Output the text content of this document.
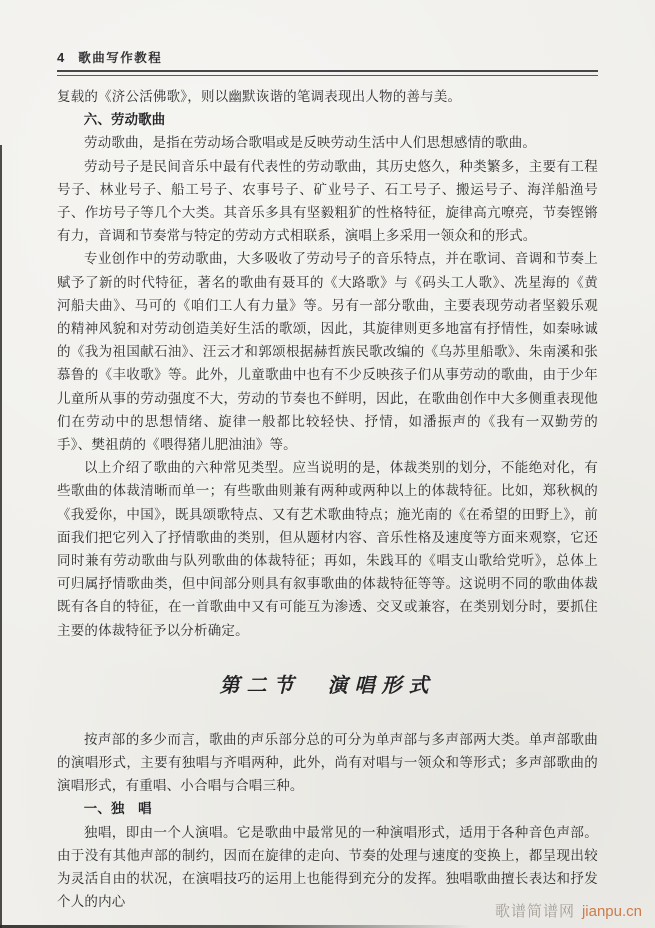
4 歌曲写作教程

复载的《济公活佛歌》，则以幽默诙谐的笔调表现出人物的善与美。

六、劳动歌曲

劳动歌曲，是指在劳动场合歌唱或是反映劳动生活中人们思想感情的歌曲。

劳动号子是民间音乐中最有代表性的劳动歌曲，其历史悠久，种类繁多，主要有工程号子、林业号子、船工号子、农事号子、矿业号子、石工号子、搬运号子、海洋船渔号子、作坊号子等几个大类。其音乐多具有坚毅粗犷的性格特征，旋律高亢嘹亮，节奏铿锵有力，音调和节奏常与特定的劳动方式相联系，演唱上多采用一领众和的形式。

专业创作中的劳动歌曲，大多吸收了劳动号子的音乐特点，并在歌词、音调和节奏上赋予了新的时代特征，著名的歌曲有聂耳的《大路歌》与《码头工人歌》、冼星海的《黄河船夫曲》、马可的《咱们工人有力量》等。另有一部分歌曲，主要表现劳动者坚毅乐观的精神风貌和对劳动创造美好生活的歌颂，因此，其旋律则更多地富有抒情性，如秦咏诚的《我为祖国献石油》、汪云才和郭颂根据赫哲族民歌改编的《乌苏里船歌》、朱南溪和张慕鲁的《丰收歌》等。此外，儿童歌曲中也有不少反映孩子们从事劳动的歌曲，由于少年儿童所从事的劳动强度不大，劳动的节奏也不鲜明，因此，在歌曲创作中大多侧重表现他们在劳动中的思想情绪、旋律一般都比较轻快、抒情，如潘振声的《我有一双勤劳的手》、樊祖荫的《喂得猪儿肥油油》等。

以上介绍了歌曲的六种常见类型。应当说明的是，体裁类别的划分，不能绝对化，有些歌曲的体裁清晰而单一；有些歌曲则兼有两种或两种以上的体裁特征。比如，郑秋枫的《我爱你，中国》，既具颂歌特点、又有艺术歌曲特点；施光南的《在希望的田野上》，前面我们把它列入了抒情歌曲的类别，但从题材内容、音乐性格及速度等方面来观察，它还同时兼有劳动歌曲与队列歌曲的体裁特征；再如，朱践耳的《唱支山歌给党听》，总体上可归属抒情歌曲类，但中间部分则具有叙事歌曲的体裁特征等等。这说明不同的歌曲体裁既有各自的特征，在一首歌曲中又有可能互为渗透、交叉或兼容，在类别划分时，要抓住主要的体裁特征予以分析确定。

第二节　演唱形式

按声部的多少而言，歌曲的声乐部分总的可分为单声部与多声部两大类。单声部歌曲的演唱形式，主要有独唱与齐唱两种，此外，尚有对唱与一领众和等形式；多声部歌曲的演唱形式，有重唱、小合唱与合唱三种。

一、独　唱

独唱，即由一个人演唱。它是歌曲中最常见的一种演唱形式，适用于各种音色声部。由于没有其他声部的制约，因而在旋律的走向、节奏的处理与速度的变换上，都呈现出较为灵活自由的状况，在演唱技巧的运用上也能得到充分的发挥。独唱歌曲擅长表达和抒发个人的内心

歌谱简谱网 jianpu.cn
